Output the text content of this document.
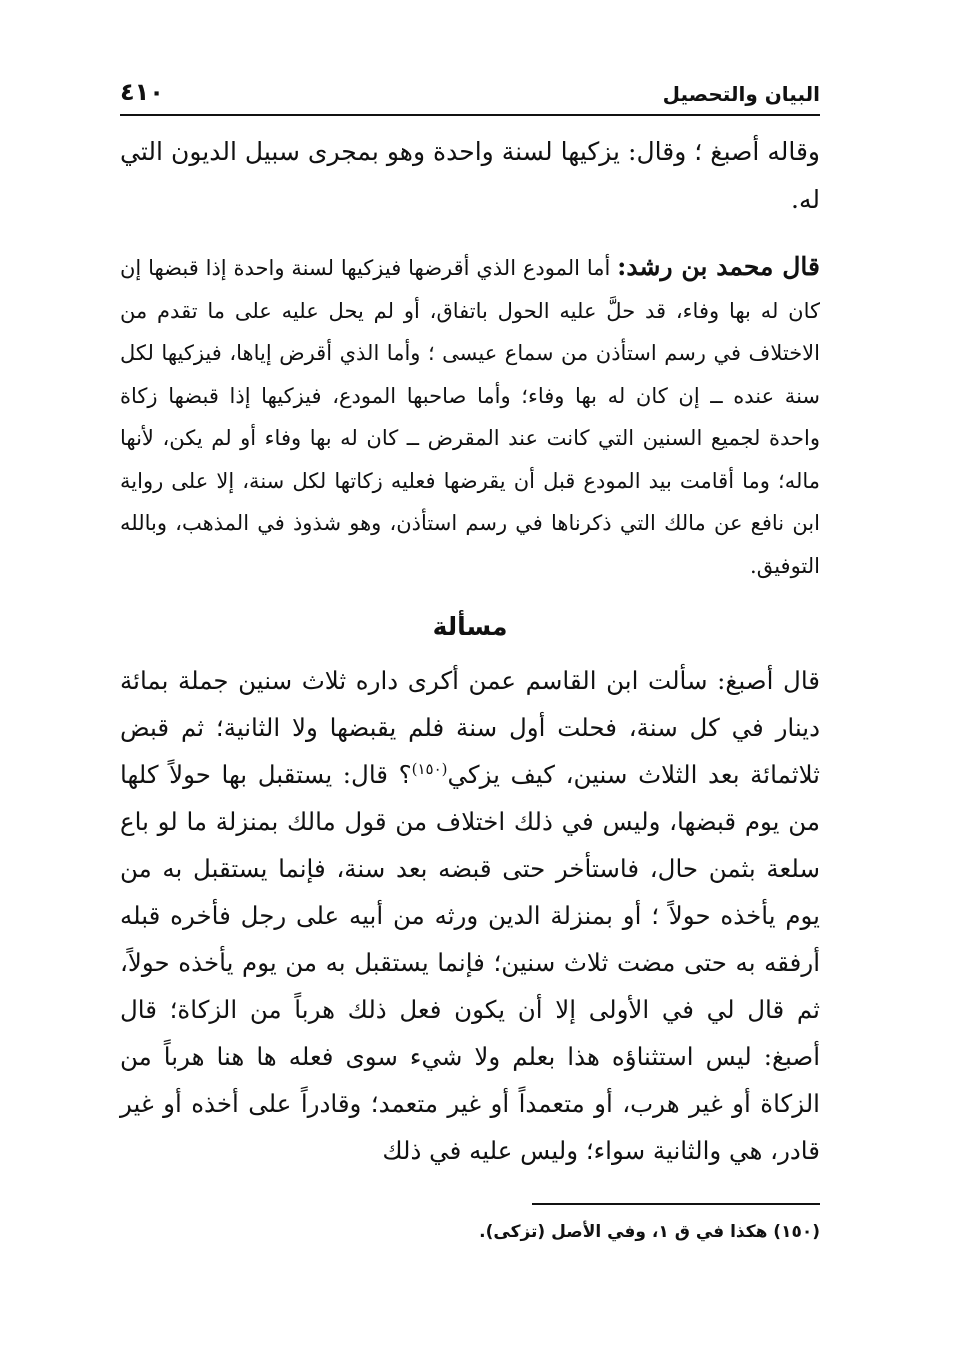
البيان والتحصيل
٤١٠

وقاله أصبغ ؛ وقال: يزكيها لسنة واحدة وهو بمجرى سبيل الديون التي له.

قال محمد بن رشد: أما المودع الذي أقرضها فيزكيها لسنة واحدة إذا قبضها إن كان له بها وفاء، قد حلَّ عليه الحول باتفاق، أو لم يحل عليه على ما تقدم من الاختلاف في رسم استأذن من سماع عيسى ؛ وأما الذي أقرض إياها، فيزكيها لكل سنة عنده ــ إن كان له بها وفاء؛ وأما صاحبها المودع، فيزكيها إذا قبضها زكاة واحدة لجميع السنين التي كانت عند المقرض ــ كان له بها وفاء أو لم يكن، لأنها ماله؛ وما أقامت بيد المودع قبل أن يقرضها فعليه زكاتها لكل سنة، إلا على رواية ابن نافع عن مالك التي ذكرناها في رسم استأذن، وهو شذوذ في المذهب، وبالله التوفيق.

مسألة

قال أصبغ: سألت ابن القاسم عمن أكرى داره ثلاث سنين جملة بمائة دينار في كل سنة، فحلت أول سنة فلم يقبضها ولا الثانية؛ ثم قبض ثلاثمائة بعد الثلاث سنين، كيف يزكي$^{(١٥٠)}$؟ قال: يستقبل بها حولاً كلها من يوم قبضها، وليس في ذلك اختلاف من قول مالك بمنزلة ما لو باع سلعة بثمن حال، فاستأخر حتى قبضه بعد سنة، فإنما يستقبل به من يوم يأخذه حولاً ؛ أو بمنزلة الدين ورثه من أبيه على رجل فأخره قبله أرفقه به حتى مضت ثلاث سنين؛ فإنما يستقبل به من يوم يأخذه حولاً، ثم قال لي في الأولى إلا أن يكون فعل ذلك هرباً من الزكاة؛ قال أصبغ: ليس استثناؤه هذا بعلم ولا شيء سوى فعله ها هنا هرباً من الزكاة أو غير هرب، أو متعمداً أو غير متعمد؛ وقادراً على أخذه أو غير قادر، هي والثانية سواء؛ وليس عليه في ذلك

(١٥٠) هكذا في ق ١، وفي الأصل (تزكى).
